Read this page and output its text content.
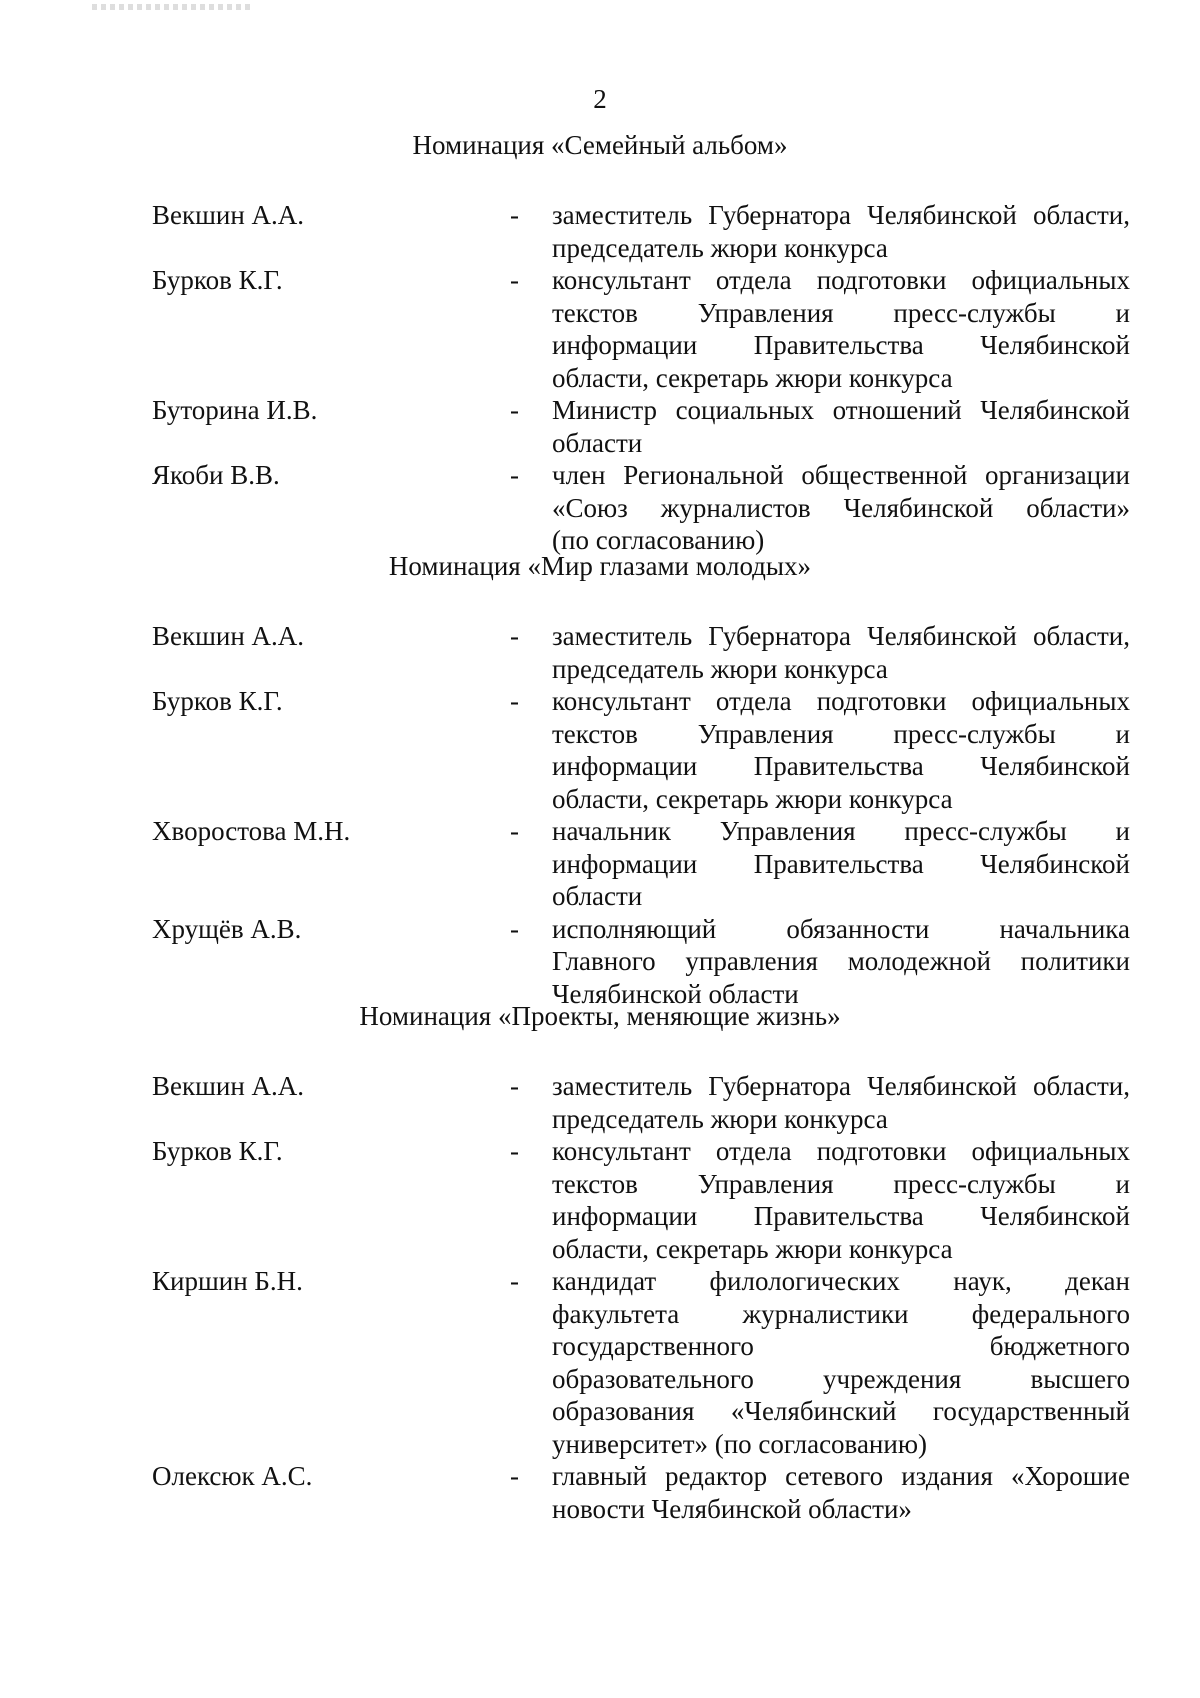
2
Номинация «Семейный альбом»
Векшин А.А.	-	заместитель Губернатора Челябинской области,
председатель жюри конкурса
Бурков К.Г.	-	консультант отдела подготовки официальных
текстов Управления пресс-службы и
информации Правительства Челябинской
области, секретарь жюри конкурса
Буторина И.В.	-	Министр социальных отношений Челябинской
области
Якоби В.В.	-	член Региональной общественной организации
«Союз журналистов Челябинской области»
(по согласованию)
Номинация «Мир глазами молодых»
Векшин А.А.	-	заместитель Губернатора Челябинской области,
председатель жюри конкурса
Бурков К.Г.	-	консультант отдела подготовки официальных
текстов Управления пресс-службы и
информации Правительства Челябинской
области, секретарь жюри конкурса
Хворостова М.Н.	-	начальник Управления пресс-службы и
информации Правительства Челябинской
области
Хрущёв А.В.	-	исполняющий обязанности начальника
Главного управления молодежной политики
Челябинской области
Номинация «Проекты, меняющие жизнь»
Векшин А.А.	-	заместитель Губернатора Челябинской области,
председатель жюри конкурса
Бурков К.Г.	-	консультант отдела подготовки официальных
текстов Управления пресс-службы и
информации Правительства Челябинской
области, секретарь жюри конкурса
Киршин Б.Н.	-	кандидат филологических наук, декан
факультета журналистики федерального
государственного бюджетного
образовательного учреждения высшего
образования «Челябинский государственный
университет» (по согласованию)
Олексюк А.С.	-	главный редактор сетевого издания «Хорошие
новости Челябинской области»
